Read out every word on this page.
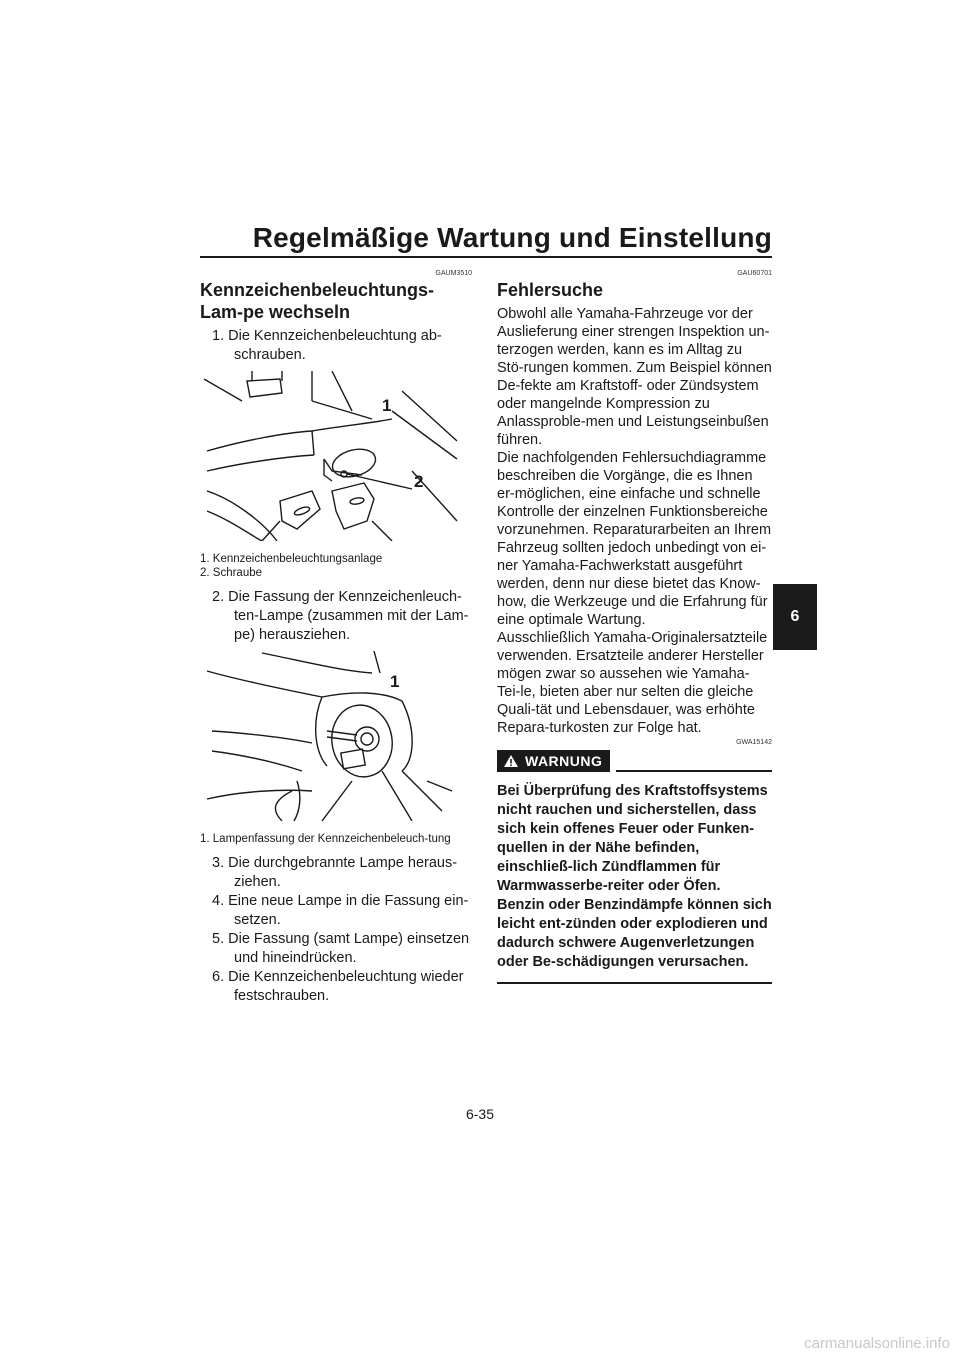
Regelmäßige Wartung und Einstellung
6
GAUM3510
Kennzeichenbeleuchtungs-Lam-pe wechseln
1. Die Kennzeichenbeleuchtung ab-schrauben.
1
2

1. Kennzeichenbeleuchtungsanlage

2. Schraube

2. Die Fassung der Kennzeichenleuch-ten-Lampe (zusammen mit der Lam-pe) herausziehen.
1

1. Lampenfassung der Kennzeichenbeleuch-tung

3. Die durchgebrannte Lampe heraus-ziehen.
4. Eine neue Lampe in die Fassung ein-setzen.
5. Die Fassung (samt Lampe) einsetzen und hineindrücken.
6. Die Kennzeichenbeleuchtung wieder festschrauben.
GAU60701
Fehlersuche

Obwohl alle Yamaha-Fahrzeuge vor der Auslieferung einer strengen Inspektion un-terzogen werden, kann es im Alltag zu Stö-rungen kommen. Zum Beispiel können De-fekte am Kraftstoff- oder Zündsystem oder mangelnde Kompression zu Anlassproble-men und Leistungseinbußen führen.

Die nachfolgenden Fehlersuchdiagramme beschreiben die Vorgänge, die es Ihnen er-möglichen, eine einfache und schnelle Kontrolle der einzelnen Funktionsbereiche vorzunehmen. Reparaturarbeiten an Ihrem Fahrzeug sollten jedoch unbedingt von ei-ner Yamaha-Fachwerkstatt ausgeführt werden, denn nur diese bietet das Know-how, die Werkzeuge und die Erfahrung für eine optimale Wartung.

Ausschließlich Yamaha-Originalersatzteile verwenden. Ersatzteile anderer Hersteller mögen zwar so aussehen wie Yamaha-Tei-le, bieten aber nur selten die gleiche Quali-tät und Lebensdauer, was erhöhte Repara-turkosten zur Folge hat.

GWA15142
WARNUNG

Bei Überprüfung des Kraftstoffsystems nicht rauchen und sicherstellen, dass sich kein offenes Feuer oder Funken-quellen in der Nähe befinden, einschließ-lich Zündflammen für Warmwasserbe-reiter oder Öfen. Benzin oder Benzindämpfe können sich leicht ent-zünden oder explodieren und dadurch schwere Augenverletzungen oder Be-schädigungen verursachen.

6-35
carmanualsonline.info
